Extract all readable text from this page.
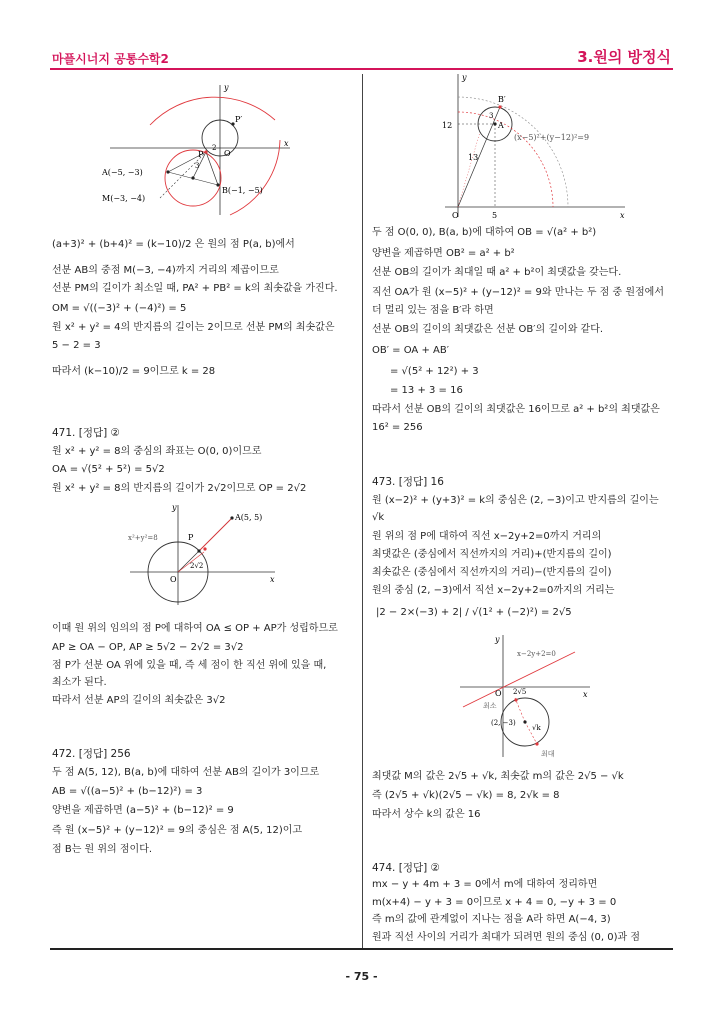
마플시너지 공통수학2	3.원의 방정식
- 75 -
y
x
O
P′
P
2
3
A(−5, −3)
B(−1, −5)
M(−3, −4)
(a+3)² + (b+4)² = (k−10)/2 은 원의 점 P(a, b)에서
선분 AB의 중점 M(−3, −4)까지 거리의 제곱이므로
선분 PM의 길이가 최소일 때, PA² + PB² = k의 최솟값을 가진다.
OM = √((−3)² + (−4)²) = 5
원 x² + y² = 4의 반지름의 길이는 2이므로 선분 PM의 최솟값은
5 − 2 = 3
따라서 (k−10)/2 = 9이므로 k = 28
471. [정답] ②
원 x² + y² = 8의 중심의 좌표는 O(0, 0)이므로
OA = √(5² + 5²) = 5√2
원 x² + y² = 8의 반지름의 길이가 2√2이므로 OP = 2√2
y
x
O
x²+y²=8	P
A(5, 5)
2√2
이때 원 위의 임의의 점 P에 대하여 OA ≤ OP + AP가 성립하므로
AP ≥ OA − OP, AP ≥ 5√2 − 2√2 = 3√2
점 P가 선분 OA 위에 있을 때, 즉 세 점이 한 직선 위에 있을 때,
최소가 된다.
따라서 선분 AP의 길이의 최솟값은 3√2
472. [정답] 256
두 점 A(5, 12), B(a, b)에 대하여 선분 AB의 길이가 3이므로
AB = √((a−5)² + (b−12)²) = 3
양변을 제곱하면 (a−5)² + (b−12)² = 9
즉 원 (x−5)² + (y−12)² = 9의 중심은 점 A(5, 12)이고
점 B는 원 위의 점이다.
y
x
O
B′
A
3
12
13
5
(x−5)²+(y−12)²=9
두 점 O(0, 0), B(a, b)에 대하여 OB = √(a² + b²)
양변을 제곱하면 OB² = a² + b²
선분 OB의 길이가 최대일 때 a² + b²이 최댓값을 갖는다.
직선 OA가 원 (x−5)² + (y−12)² = 9와 만나는 두 점 중 원점에서
더 멀리 있는 점을 B′라 하면
선분 OB의 길이의 최댓값은 선분 OB′의 길이와 같다.
OB′ = OA + AB′
= √(5² + 12²) + 3
= 13 + 3 = 16
따라서 선분 OB의 길이의 최댓값은 16이므로 a² + b²의 최댓값은
16² = 256
473. [정답] 16
원 (x−2)² + (y+3)² = k의 중심은 (2, −3)이고 반지름의 길이는
√k
원 위의 점 P에 대하여 직선 x−2y+2=0까지 거리의
최댓값은 (중심에서 직선까지의 거리)+(반지름의 길이)
최솟값은 (중심에서 직선까지의 거리)−(반지름의 길이)
원의 중심 (2, −3)에서 직선 x−2y+2=0까지의 거리는
|2 − 2×(−3) + 2| / √(1² + (−2)²) = 2√5
y
x
O
x−2y+2=0
2√5
(2, −3)
√k
최소
최대
최댓값 M의 값은 2√5 + √k, 최솟값 m의 값은 2√5 − √k
즉 (2√5 + √k)(2√5 − √k) = 8, 2√k = 8
따라서 상수 k의 값은 16
474. [정답] ②
mx − y + 4m + 3 = 0에서 m에 대하여 정리하면
m(x+4) − y + 3 = 0이므로 x + 4 = 0, −y + 3 = 0
즉 m의 값에 관계없이 지나는 점을 A라 하면 A(−4, 3)
원과 직선 사이의 거리가 최대가 되려면 원의 중심 (0, 0)과 점
